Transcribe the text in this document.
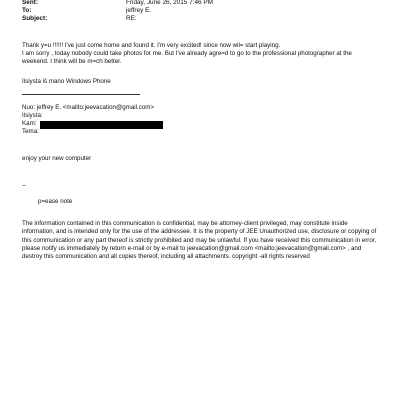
Sent:	Friday, June 26, 2015 7:46 PM
To:	jeffrey E.
Subject:	RE:
Thank y=u !!!!!! I've just come home and found it. I'm very excited! since now wil= start playing.
I am sorry , today nobody could take photos for me. But I've already agre=d to go to the professional photographer at the weekend. I think will be m=ch better.
Ilsiysta iš mano Windows Phone
Nuo: jeffrey E. <mailto:jeevacation@gmail.com>
Ilsiysta:
Kam:
Tema:
enjoy your new computer
--
p=ease note
The information contained in this communication is confidential, may be attorney-client privileged, may constitute inside information, and is intended only for the use of the addressee. It is the property of JEE Unauthorized use, disclosure or copying of this communication or any part thereof is strictly prohibited and may be unlawful. If you have received this communication in error, please notify us immediately by return e-mail or by e-mail to jeevacation@gmail.com <mailto:jeevacation@gmail.com> , and destroy this communication and all copies thereof, including all attachments. copyright -all rights reserved
